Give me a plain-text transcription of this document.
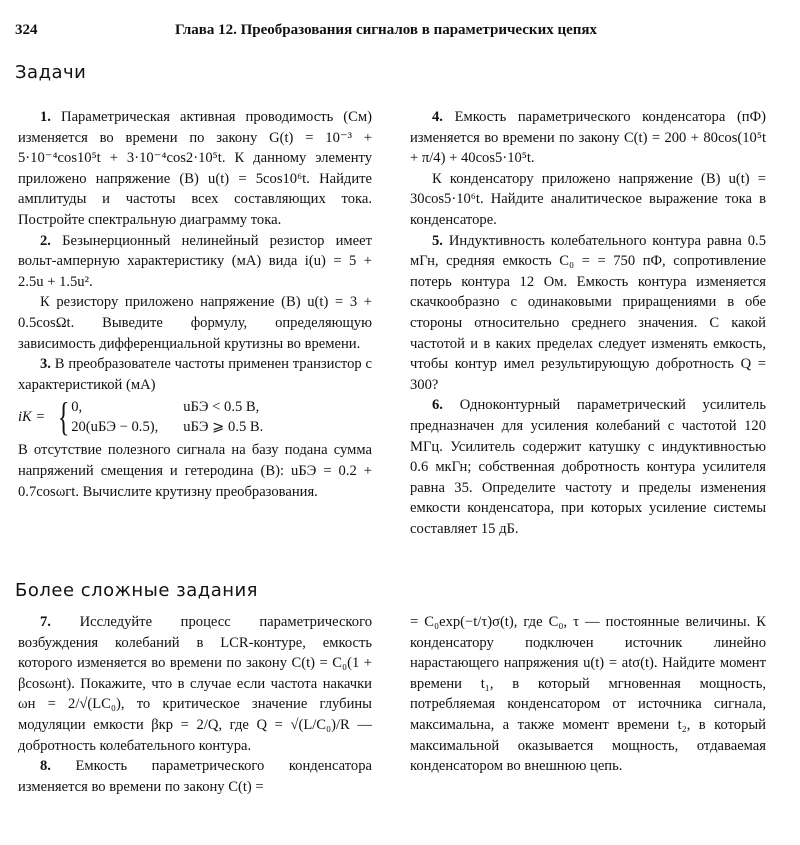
324	Глава 12. Преобразования сигналов в параметрических цепях
Задачи

1. Параметрическая активная проводимость (См) изменяется во времени по закону G(t) = 10⁻³ + 5·10⁻⁴cos10⁵t + 3·10⁻⁴cos2·10⁵t. К данному элементу приложено напряжение (В) u(t) = 5cos10⁶t. Найдите амплитуды и частоты всех составляющих тока. Постройте спектральную диаграмму тока.

2. Безынерционный нелинейный резистор имеет вольт-амперную характеристику (мА) вида i(u) = 5 + 2.5u + 1.5u².

К резистору приложено напряжение (В) u(t) = 3 + 0.5cosΩt. Выведите формулу, определяющую зависимость дифференциальной крутизны во времени.

3. В преобразователе частоты применен транзистор с характеристикой (мА)

iК = { 0,	uБЭ < 0.5 В,
20(uБЭ − 0.5),	uБЭ ⩾ 0.5 В.

В отсутствие полезного сигнала на базу подана сумма напряжений смещения и гетеродина (В): uБЭ = 0.2 + 0.7cosωгt. Вычислите крутизну преобразования.

4. Емкость параметрического конденсатора (пФ) изменяется во времени по закону C(t) = 200 + 80cos(10⁵t + π/4) + 40cos5·10⁵t.

К конденсатору приложено напряжение (В) u(t) = 30cos5·10⁶t. Найдите аналитическое выражение тока в конденсаторе.

5. Индуктивность колебательного контура равна 0.5 мГн, средняя емкость C₀ = = 750 пФ, сопротивление потерь контура 12 Ом. Емкость контура изменяется скачкообразно с одинаковыми приращениями в обе стороны относительно среднего значения. С какой частотой и в каких пределах следует изменять емкость, чтобы контур имел результирующую добротность Q = 300?

6. Одноконтурный параметрический усилитель предназначен для усиления колебаний с частотой 120 МГц. Усилитель содержит катушку с индуктивностью 0.6 мкГн; собственная добротность контура усилителя равна 35. Определите частоту и пределы изменения емкости конденсатора, при которых усиление системы составляет 15 дБ.

Более сложные задания

7. Исследуйте процесс параметрического возбуждения колебаний в LCR-контуре, емкость которого изменяется во времени по закону C(t) = C₀(1 + βcosωнt). Покажите, что в случае если частота накачки ωн = 2/√(LC₀), то критическое значение глубины модуляции емкости βкр = 2/Q, где Q = √(L/C₀)/R — добротность колебательного контура.

8. Емкость параметрического конденсатора изменяется во времени по закону C(t) =

= C₀exp(−t/τ)σ(t), где C₀, τ — постоянные величины. К конденсатору подключен источник линейно нарастающего напряжения u(t) = atσ(t). Найдите момент времени t₁, в который мгновенная мощность, потребляемая конденсатором от источника сигнала, максимальна, а также момент времени t₂, в который максимальной оказывается мощность, отдаваемая конденсатором во внешнюю цепь.
